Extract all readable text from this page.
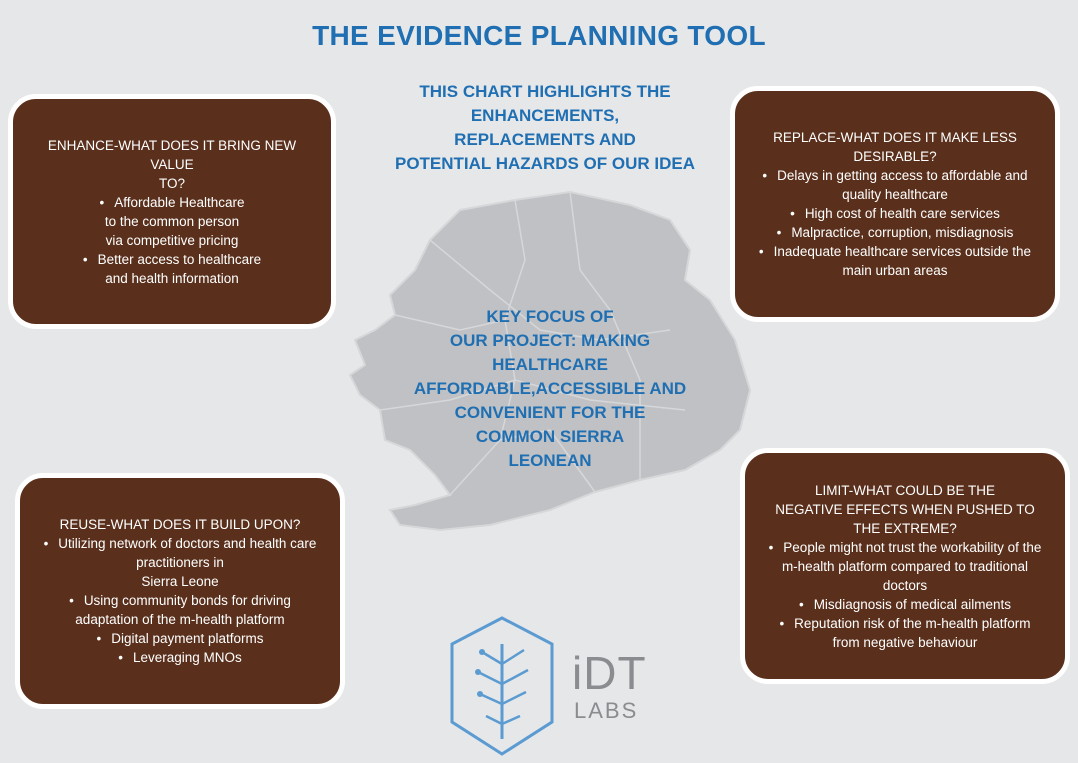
THE EVIDENCE PLANNING TOOL
THIS CHART HIGHLIGHTS THE
ENHANCEMENTS,
REPLACEMENTS AND
POTENTIAL HAZARDS OF OUR IDEA
KEY FOCUS OF
OUR PROJECT: MAKING
HEALTHCARE
AFFORDABLE,ACCESSIBLE AND
CONVENIENT FOR THE
COMMON SIERRA
LEONEAN
ENHANCE-WHAT DOES IT BRING NEW VALUE
TO?
• Affordable Healthcare
to the common person
via competitive pricing
• Better access to healthcare
and health information
REPLACE-WHAT DOES IT MAKE LESS
DESIRABLE?
• Delays in getting access to affordable and
quality healthcare
• High cost of health care services
• Malpractice, corruption, misdiagnosis
• Inadequate healthcare services outside the
main urban areas
REUSE-WHAT DOES IT BUILD UPON?
• Utilizing network of doctors and health care
practitioners in
Sierra Leone
• Using community bonds for driving
adaptation of the m-health platform
• Digital payment platforms
• Leveraging MNOs
LIMIT-WHAT COULD BE THE
NEGATIVE EFFECTS WHEN PUSHED TO
THE EXTREME?
• People might not trust the workability of the
m-health platform compared to traditional
doctors
• Misdiagnosis of medical ailments
• Reputation risk of the m-health platform
from negative behaviour
iDT
LABS
